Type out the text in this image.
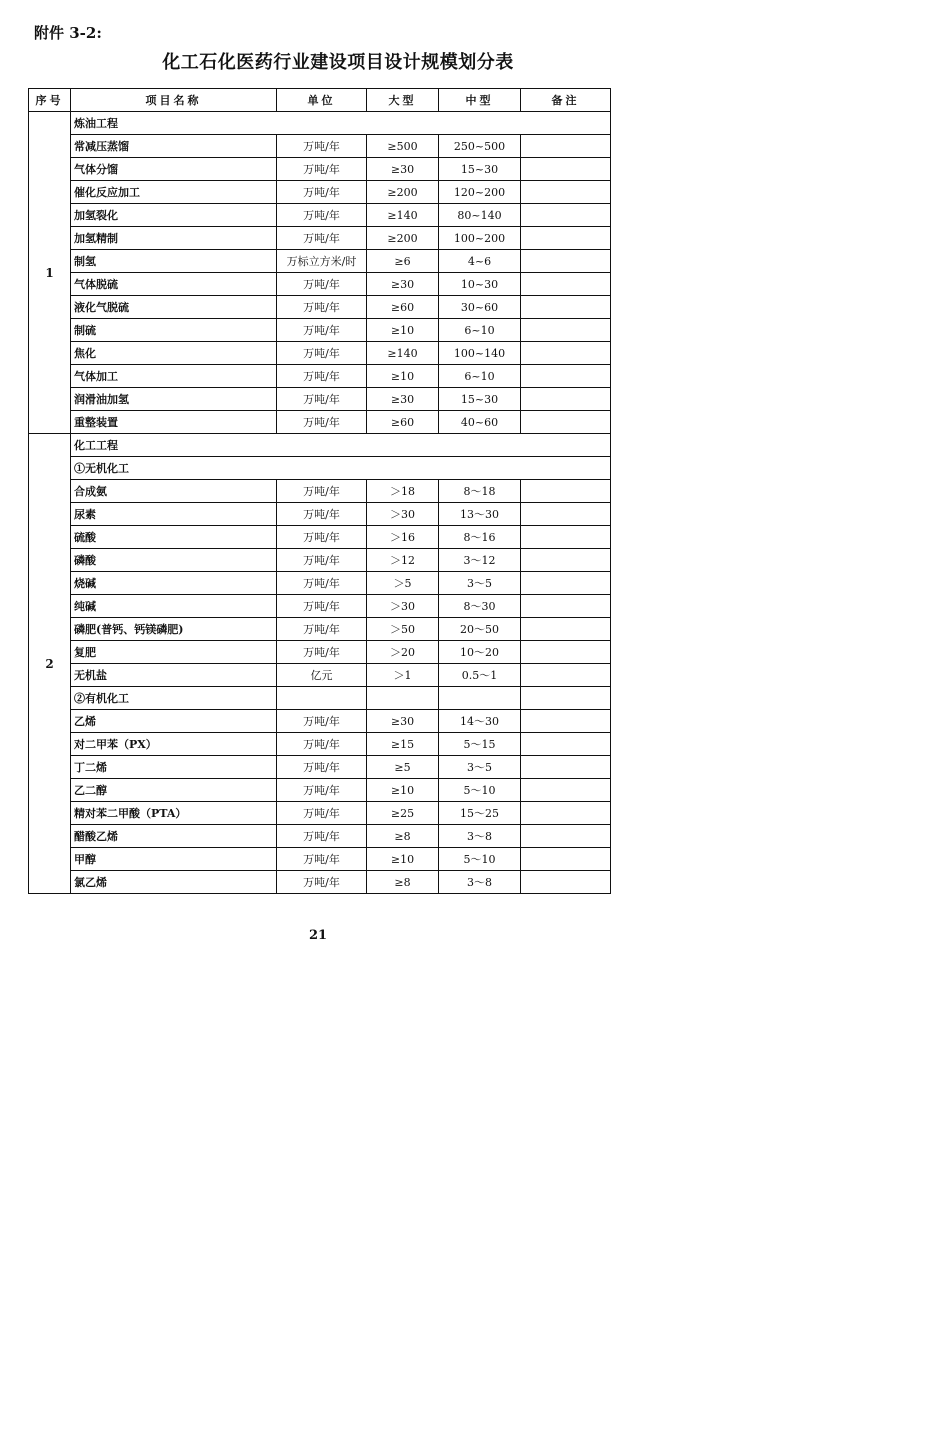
附件 3-2:
化工石化医药行业建设项目设计规模划分表
序号	项目名称	单位	大型	中型	备注
1	炼油工程				
	常减压蒸馏	万吨/年	≥500	250~500	
	气体分馏	万吨/年	≥30	15~30	
	催化反应加工	万吨/年	≥200	120~200	
	加氢裂化	万吨/年	≥140	80~140	
	加氢精制	万吨/年	≥200	100~200	
	制氢	万标立方米/时	≥6	4~6	
	气体脱硫	万吨/年	≥30	10~30	
	液化气脱硫	万吨/年	≥60	30~60	
	制硫	万吨/年	≥10	6~10	
	焦化	万吨/年	≥140	100~140	
	气体加工	万吨/年	≥10	6~10	
	润滑油加氢	万吨/年	≥30	15~30	
	重整装置	万吨/年	≥60	40~60	
2	化工工程				
	①无机化工				
	合成氨	万吨/年	＞18	8～18	
	尿素	万吨/年	＞30	13～30	
	硫酸	万吨/年	＞16	8～16	
	磷酸	万吨/年	＞12	3～12	
	烧碱	万吨/年	＞5	3～5	
	纯碱	万吨/年	＞30	8～30	
	磷肥(普钙、钙镁磷肥)	万吨/年	＞50	20～50	
	复肥	万吨/年	＞20	10～20	
	无机盐	亿元	＞1	0.5～1	
	②有机化工				
	乙烯	万吨/年	≥30	14～30	
	对二甲苯（PX）	万吨/年	≥15	5～15	
	丁二烯	万吨/年	≥5	3～5	
	乙二醇	万吨/年	≥10	5～10	
	精对苯二甲酸（PTA）	万吨/年	≥25	15～25	
	醋酸乙烯	万吨/年	≥8	3～8	
	甲醇	万吨/年	≥10	5～10	
	氯乙烯	万吨/年	≥8	3～8	
21
